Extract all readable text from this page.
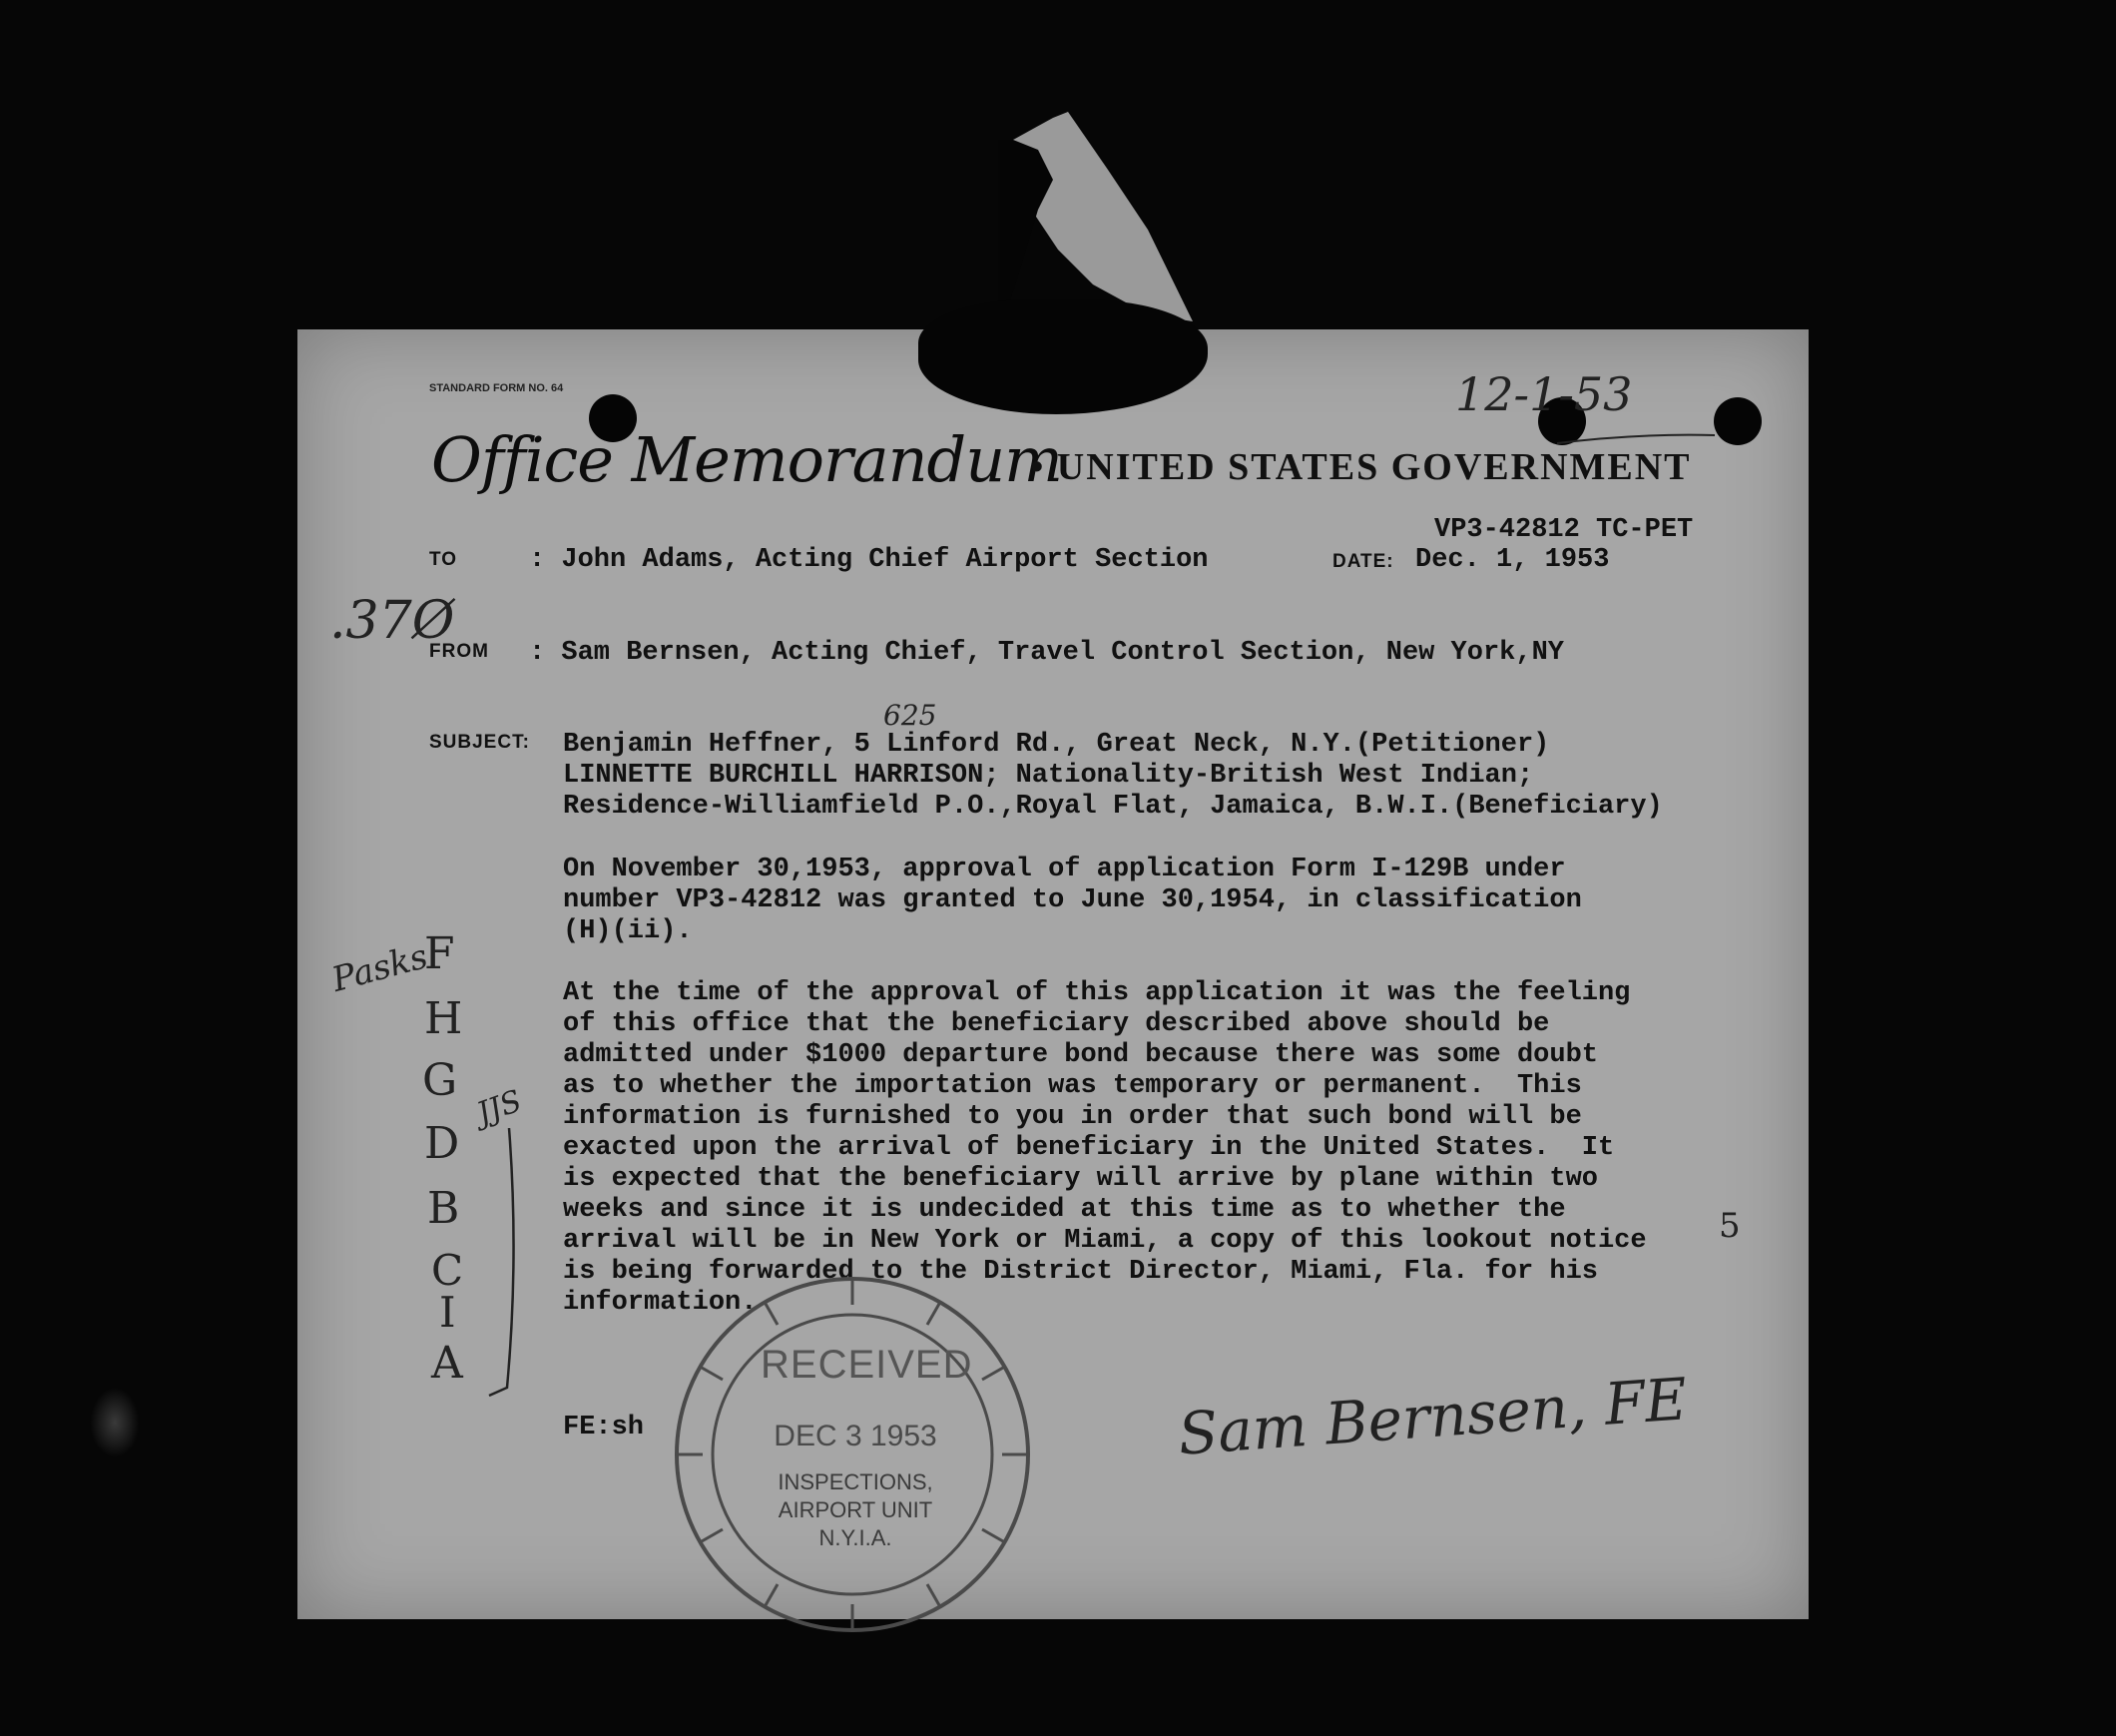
STANDARD FORM NO. 64
Office Memorandum
• UNITED STATES GOVERNMENT
12-1-53
VP3-42812 TC-PET
TO	: John Adams, Acting Chief Airport Section	DATE: Dec. 1, 1953
.37Ø
FROM : Sam Bernsen, Acting Chief, Travel Control Section, New York,NY
625
SUBJECT: Benjamin Heffner, 5 Linford Rd., Great Neck, N.Y.(Petitioner)
LINNETTE BURCHILL HARRISON; Nationality-British West Indian;
Residence-Williamfield P.O.,Royal Flat, Jamaica, B.W.I.(Beneficiary)
On November 30,1953, approval of application Form I-129B under
number VP3-42812 was granted to June 30,1954, in classification
(H)(ii).
At the time of the approval of this application it was the feeling
of this office that the beneficiary described above should be
admitted under $1000 departure bond because there was some doubt
as to whether the importation was temporary or permanent.  This
information is furnished to you in order that such bond will be
exacted upon the arrival of beneficiary in the United States.  It
is expected that the beneficiary will arrive by plane within two
weeks and since it is undecided at this time as to whether the
arrival will be in New York or Miami, a copy of this lookout notice
is being forwarded to the District Director, Miami, Fla. for his
information.
5
Pasks
F
H
G
D
B
C
I
A
JJS
FE:sh	Sam Bernsen, FE
RECEIVED
DEC 3 1953
INSPECTIONS,
AIRPORT UNIT
N.Y.I.A.
